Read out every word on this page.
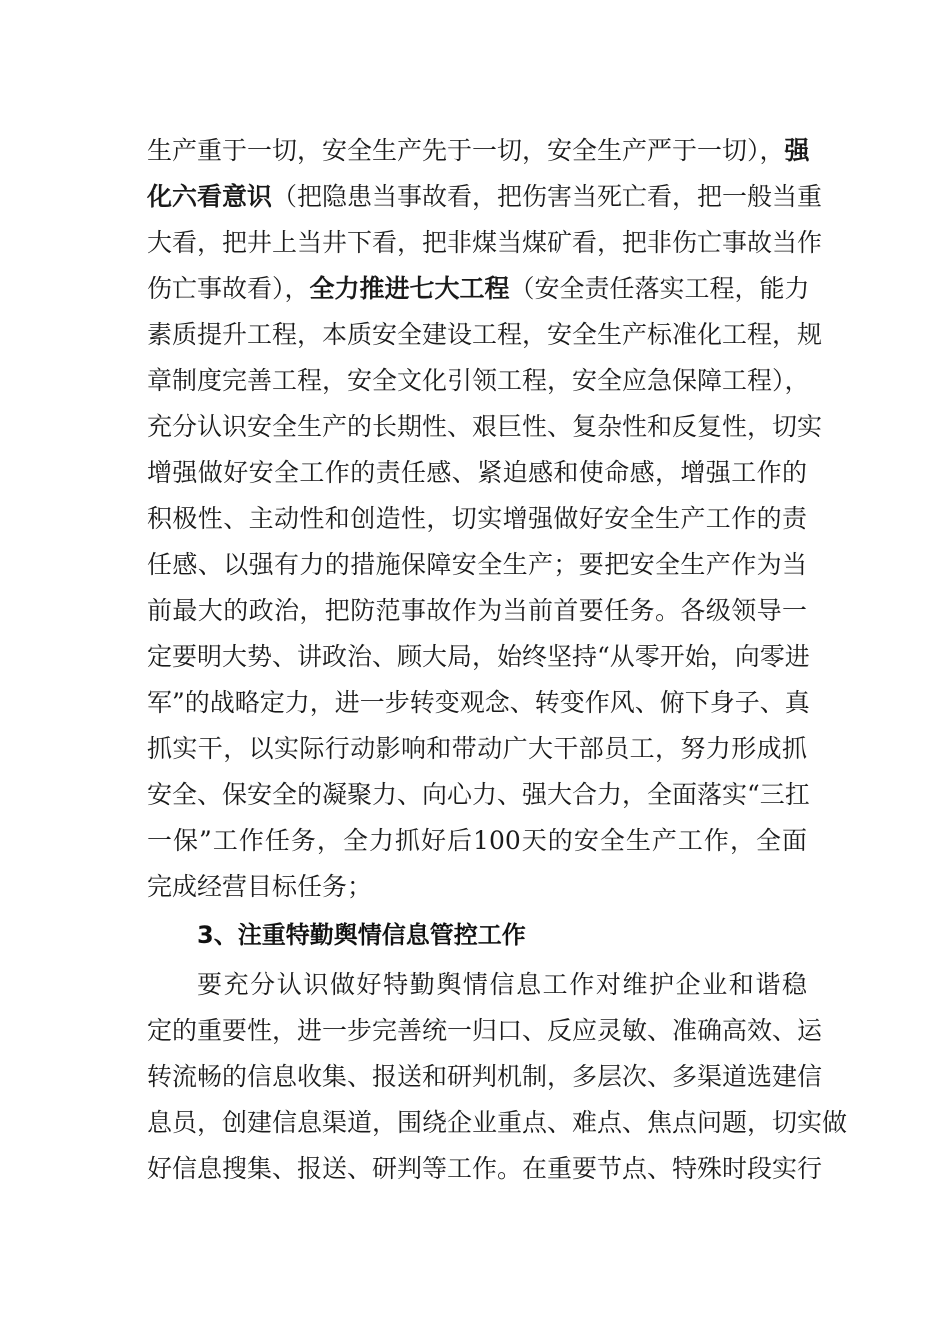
生产重于一切，安全生产先于一切，安全生产严于一切），强
化六看意识（把隐患当事故看，把伤害当死亡看，把一般当重
大看，把井上当井下看，把非煤当煤矿看，把非伤亡事故当作
伤亡事故看），全力推进七大工程（安全责任落实工程，能力
素质提升工程，本质安全建设工程，安全生产标准化工程，规
章制度完善工程，安全文化引领工程，安全应急保障工程），
充分认识安全生产的长期性、艰巨性、复杂性和反复性，切实
增强做好安全工作的责任感、紧迫感和使命感，增强工作的
积极性、主动性和创造性，切实增强做好安全生产工作的责
任感、以强有力的措施保障安全生产；要把安全生产作为当
前最大的政治，把防范事故作为当前首要任务。各级领导一
定要明大势、讲政治、顾大局，始终坚持“从零开始，向零进
军”的战略定力，进一步转变观念、转变作风、俯下身子、真
抓实干，以实际行动影响和带动广大干部员工，努力形成抓
安全、保安全的凝聚力、向心力、强大合力，全面落实“三扛
一保”工作任务，全力抓好后100天的安全生产工作，全面
完成经营目标任务；
3、注重特勤舆情信息管控工作
要充分认识做好特勤舆情信息工作对维护企业和谐稳
定的重要性，进一步完善统一归口、反应灵敏、准确高效、运
转流畅的信息收集、报送和研判机制，多层次、多渠道选建信
息员，创建信息渠道，围绕企业重点、难点、焦点问题，切实做
好信息搜集、报送、研判等工作。在重要节点、特殊时段实行
